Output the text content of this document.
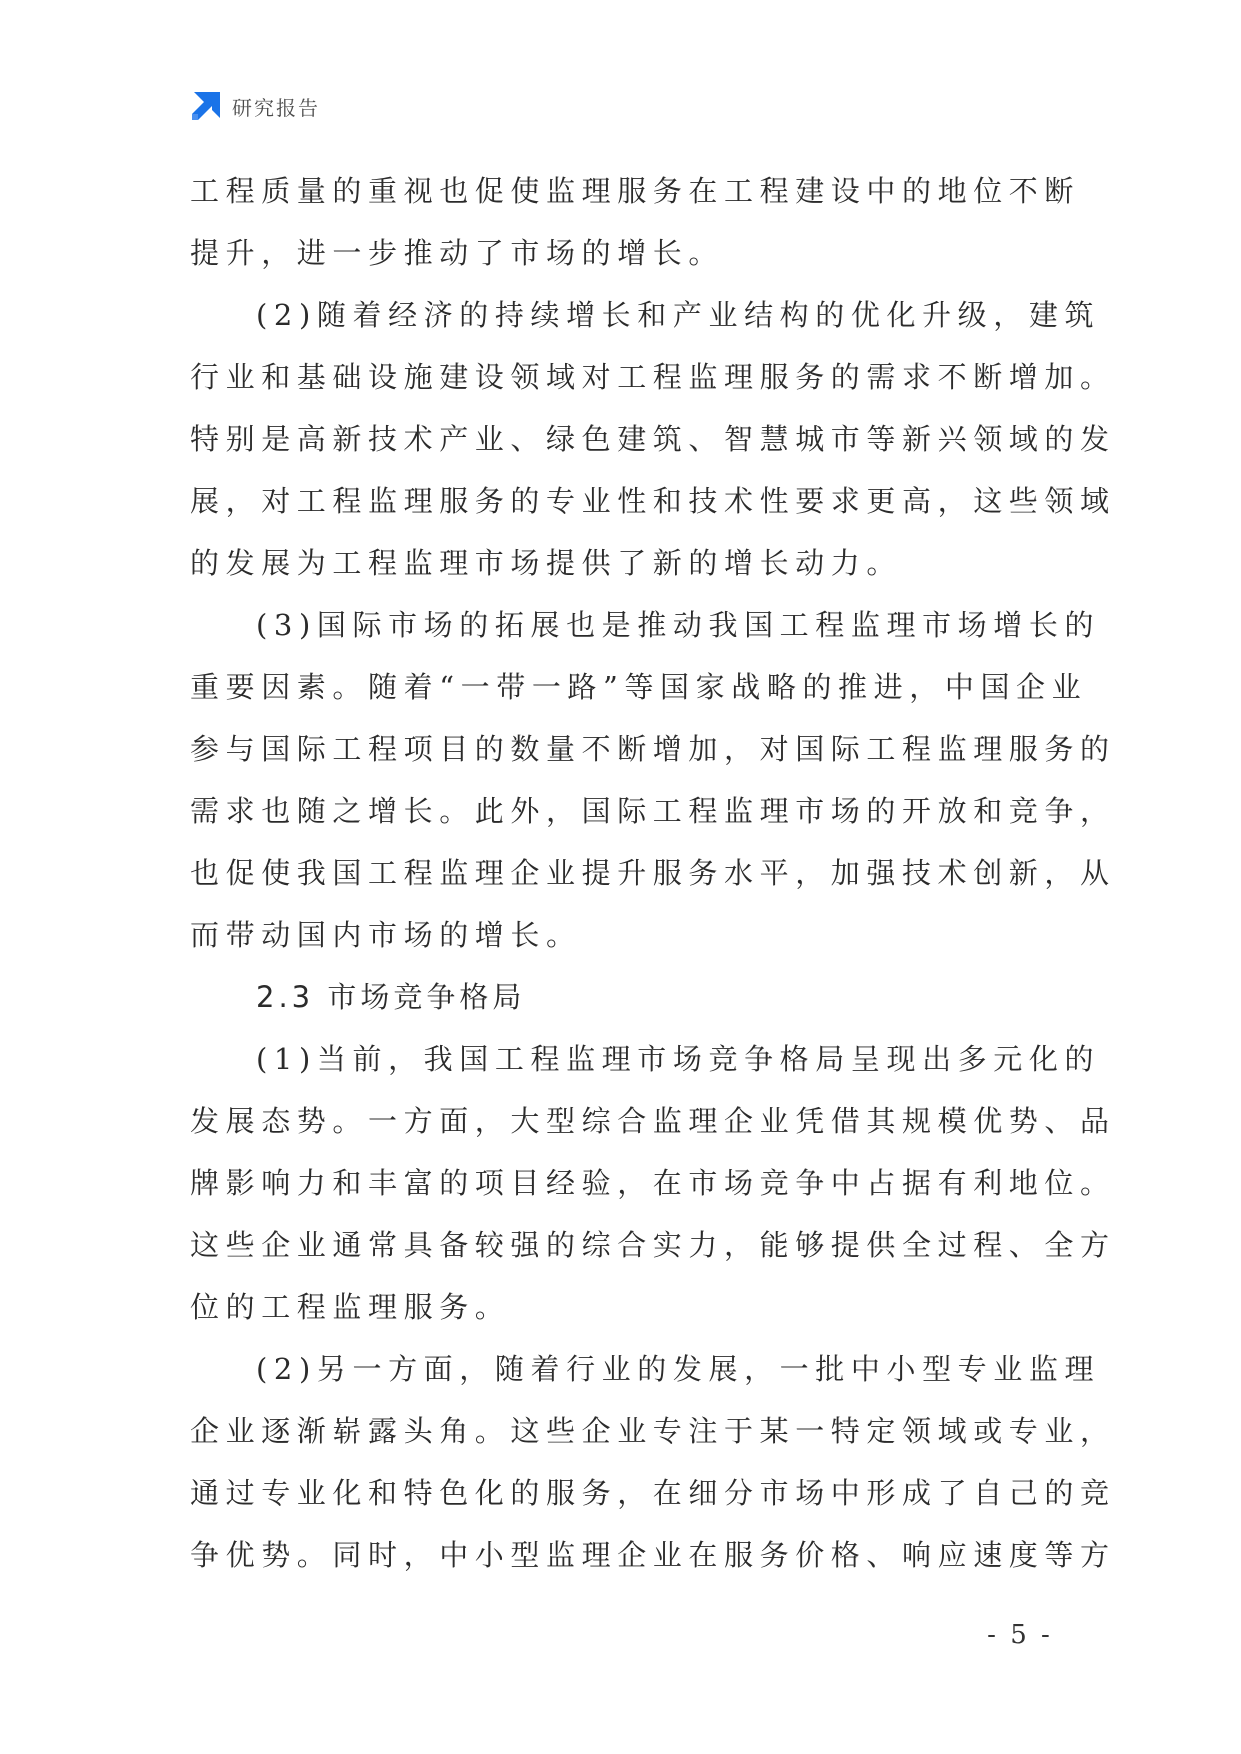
研究报告
工程质量的重视也促使监理服务在工程建设中的地位不断
提升，进一步推动了市场的增长。
(2)随着经济的持续增长和产业结构的优化升级，建筑
行业和基础设施建设领域对工程监理服务的需求不断增加。
特别是高新技术产业、绿色建筑、智慧城市等新兴领域的发
展，对工程监理服务的专业性和技术性要求更高，这些领域
的发展为工程监理市场提供了新的增长动力。
(3)国际市场的拓展也是推动我国工程监理市场增长的
重要因素。随着“一带一路”等国家战略的推进，中国企业
参与国际工程项目的数量不断增加，对国际工程监理服务的
需求也随之增长。此外，国际工程监理市场的开放和竞争，
也促使我国工程监理企业提升服务水平，加强技术创新，从
而带动国内市场的增长。
2.3 市场竞争格局
(1)当前，我国工程监理市场竞争格局呈现出多元化的
发展态势。一方面，大型综合监理企业凭借其规模优势、品
牌影响力和丰富的项目经验，在市场竞争中占据有利地位。
这些企业通常具备较强的综合实力，能够提供全过程、全方
位的工程监理服务。
(2)另一方面，随着行业的发展，一批中小型专业监理
企业逐渐崭露头角。这些企业专注于某一特定领域或专业，
通过专业化和特色化的服务，在细分市场中形成了自己的竞
争优势。同时，中小型监理企业在服务价格、响应速度等方
- 5 -
